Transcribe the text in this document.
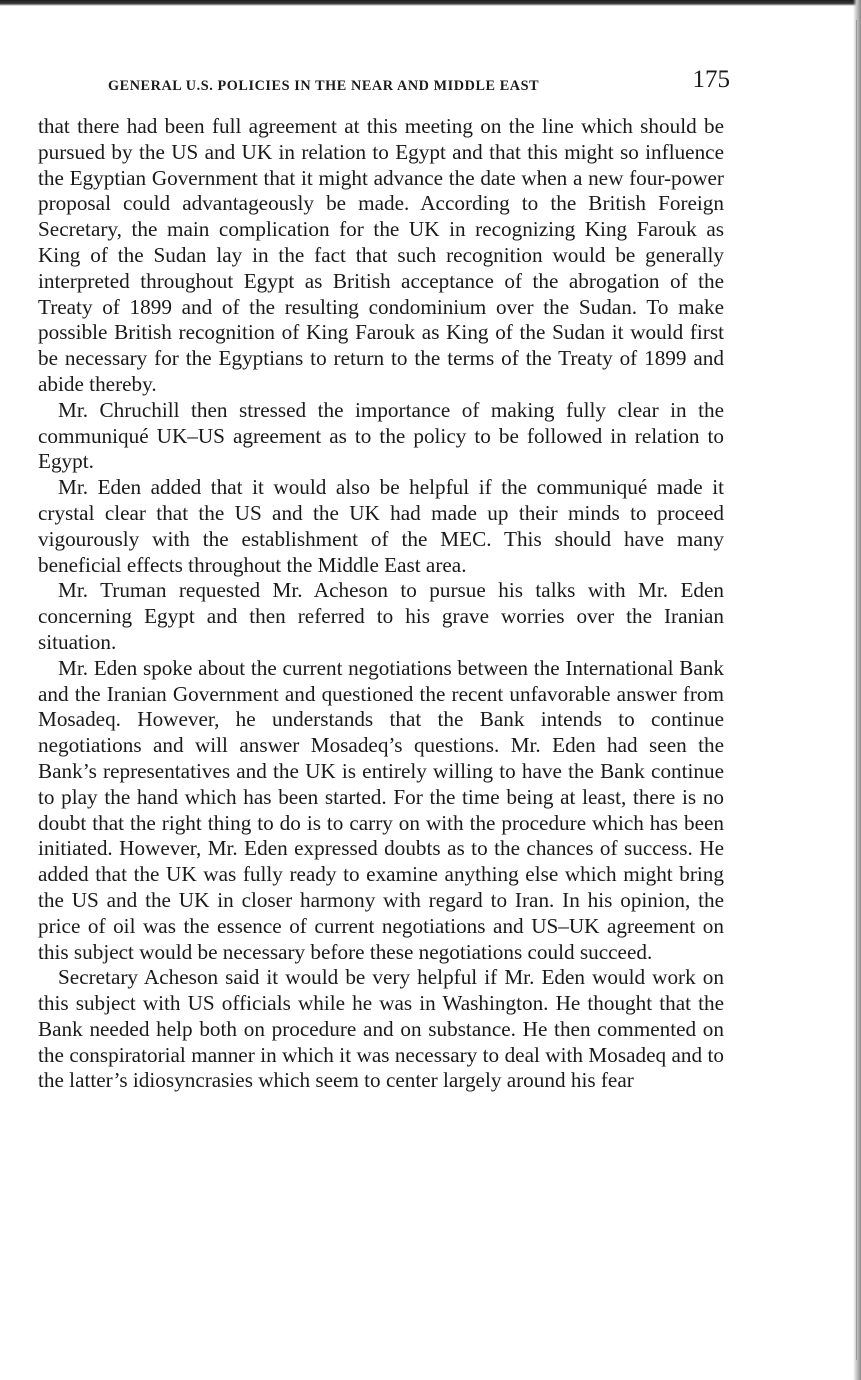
GENERAL U.S. POLICIES IN THE NEAR AND MIDDLE EAST	175

that there had been full agreement at this meeting on the line which should be pursued by the US and UK in relation to Egypt and that this might so influence the Egyptian Government that it might advance the date when a new four-power proposal could advantageously be made. According to the British Foreign Secretary, the main complication for the UK in recognizing King Farouk as King of the Sudan lay in the fact that such recognition would be generally interpreted throughout Egypt as British acceptance of the abrogation of the Treaty of 1899 and of the resulting condominium over the Sudan. To make possible British recognition of King Farouk as King of the Sudan it would first be necessary for the Egyptians to return to the terms of the Treaty of 1899 and abide thereby.

Mr. Chruchill then stressed the importance of making fully clear in the communiqué UK–US agreement as to the policy to be followed in relation to Egypt.

Mr. Eden added that it would also be helpful if the communiqué made it crystal clear that the US and the UK had made up their minds to proceed vigourously with the establishment of the MEC. This should have many beneficial effects throughout the Middle East area.

Mr. Truman requested Mr. Acheson to pursue his talks with Mr. Eden concerning Egypt and then referred to his grave worries over the Iranian situation.

Mr. Eden spoke about the current negotiations between the International Bank and the Iranian Government and questioned the recent unfavorable answer from Mosadeq. However, he understands that the Bank intends to continue negotiations and will answer Mosadeq’s questions. Mr. Eden had seen the Bank’s representatives and the UK is entirely willing to have the Bank continue to play the hand which has been started. For the time being at least, there is no doubt that the right thing to do is to carry on with the procedure which has been initiated. However, Mr. Eden expressed doubts as to the chances of success. He added that the UK was fully ready to examine anything else which might bring the US and the UK in closer harmony with regard to Iran. In his opinion, the price of oil was the essence of current negotiations and US–UK agreement on this subject would be necessary before these negotiations could succeed.

Secretary Acheson said it would be very helpful if Mr. Eden would work on this subject with US officials while he was in Washington. He thought that the Bank needed help both on procedure and on substance. He then commented on the conspiratorial manner in which it was necessary to deal with Mosadeq and to the latter’s idiosyncrasies which seem to center largely around his fear
